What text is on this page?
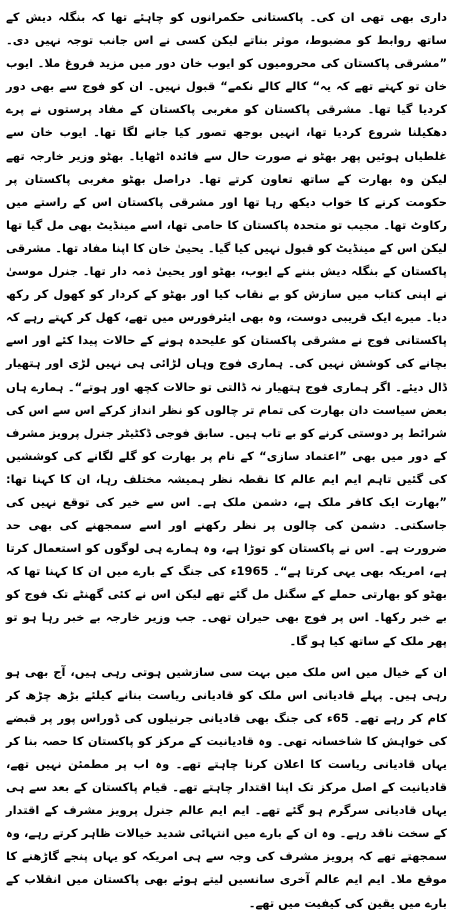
داری بھی تھی ان کی۔ پاکستانی حکمرانوں کو چاہئے تھا کہ بنگلہ دیش کے ساتھ روابط کو مضبوط، موثر بناتے لیکن کسی نے اس جانب توجہ نہیں دی۔ ”مشرقی پاکستان کی محرومیوں کو ایوب خان دور میں مزید فروغ ملا۔ ایوب خان تو کہتے تھے کہ یہ“ کالے کالے نکمے“ قبول نہیں۔ ان کو فوج سے بھی دور کردیا گیا تھا۔ مشرقی پاکستان کو مغربی پاکستان کے مفاد پرستوں نے پرے دھکیلنا شروع کردیا تھا، انہیں بوجھ تصور کیا جانے لگا تھا۔ ایوب خان سے غلطیاں ہوئیں پھر بھٹو نے صورت حال سے فائدہ اٹھایا۔ بھٹو وزیر خارجہ تھے لیکن وہ بھارت کے ساتھ تعاون کرتے تھا۔ دراصل بھٹو مغربی پاکستان پر حکومت کرنے کا خواب دیکھ رہا تھا اور مشرقی پاکستان اس کے راستے میں رکاوٹ تھا۔ مجیب تو متحدہ پاکستان کا حامی تھا، اسے مینڈیٹ بھی مل گیا تھا لیکن اس کے مینڈیٹ کو قبول نہیں کیا گیا۔ یحییٰ خان کا اپنا مفاد تھا۔ مشرقی پاکستان کے بنگلہ دیش بننے کے ایوب، بھٹو اور یحییٰ ذمہ دار تھا۔ جنرل موسیٰ نے اپنی کتاب میں سازش کو بے نقاب کیا اور بھٹو کے کردار کو کھول کر رکھ دیا۔ میرے ایک قریبی دوست، وہ بھی ایئرفورس میں تھے، کھل کر کہتے رہے کہ پاکستانی فوج نے مشرقی پاکستان کو علیحدہ ہونے کے حالات پیدا کئے اور اسے بچانے کی کوشش نہیں کی۔ ہماری فوج وہاں لڑائی ہی نہیں لڑی اور ہتھیار ڈال دیئے۔ اگر ہماری فوج ہتھیار نہ ڈالتی تو حالات کچھ اور ہوتے“۔ ہمارے ہاں بعض سیاست دان بھارت کی تمام تر چالوں کو نظر انداز کرکے اس سے اس کی شرائط پر دوستی کرنے کو بے تاب ہیں۔ سابق فوجی ڈکٹیٹر جنرل پرویز مشرف کے دور میں بھی ”اعتماد سازی“ کے نام پر بھارت کو گلے لگانے کی کوششیں کی گئیں تاہم ایم ایم عالم کا نقطہ نظر ہمیشہ مختلف رہا، ان کا کہنا تھا: ”بھارت ایک کافر ملک ہے، دشمن ملک ہے۔ اس سے خیر کی توقع نہیں کی جاسکتی۔ دشمن کی چالوں پر نظر رکھنے اور اسے سمجھنے کی بھی حد ضرورت ہے۔ اس نے پاکستان کو توڑا ہے، وہ ہمارے ہی لوگوں کو استعمال کرتا ہے، امریکہ بھی یہی کرتا ہے“۔ 1965ء کی جنگ کے بارے میں ان کا کہنا تھا کہ بھٹو کو بھارتی حملے کے سگنل مل گئے تھے لیکن اس نے کئی گھنٹے تک فوج کو بے خبر رکھا۔ اس پر فوج بھی حیران تھی۔ جب وزیر خارجہ بے خبر رہا ہو تو پھر ملک کے ساتھ کیا ہو گا۔

ان کے خیال میں اس ملک میں بہت سی سازشیں ہوتی رہی ہیں، آج بھی ہو رہی ہیں۔ پہلے قادیانی اس ملک کو قادیانی ریاست بنانے کیلئے بڑھ چڑھ کر کام کر رہے تھے۔ 65ء کی جنگ بھی قادیانی جرنیلوں کی ڈوراس پور پر قبضے کی خواہش کا شاخسانہ تھی۔ وہ قادیانیت کے مرکز کو پاکستان کا حصہ بنا کر یہاں قادیانی ریاست کا اعلان کرنا چاہتے تھے۔ وہ اب پر مطمئن نہیں تھے، قادیانیت کے اصل مرکز تک اپنا اقتدار چاہتے تھے۔ قیام پاکستان کے بعد سے ہی یہاں قادیانی سرگرم ہو گئے تھے۔ ایم ایم عالم جنرل پرویز مشرف کے اقتدار کے سخت ناقد رہے۔ وہ ان کے بارے میں انتہائی شدید خیالات ظاہر کرتے رہے، وہ سمجھتے تھے کہ پرویز مشرف کی وجہ سے ہی امریکہ کو یہاں پنجے گاڑھنے کا موقع ملا۔ ایم ایم عالم آخری سانسیں لیتے ہوئے بھی پاکستان میں انقلاب کے بارے میں یقین کی کیفیت میں تھے۔
